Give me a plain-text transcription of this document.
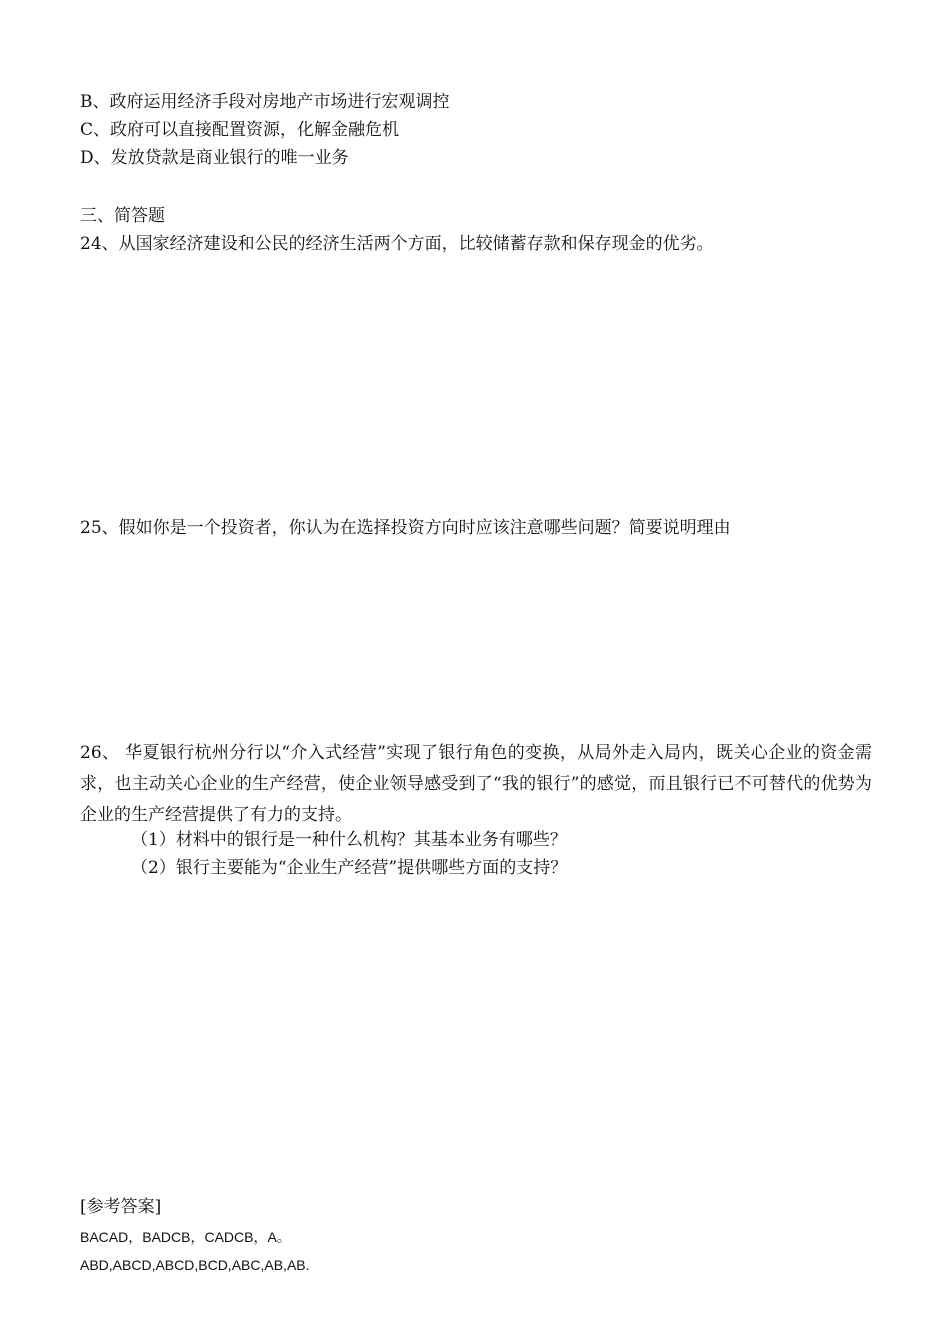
B、政府运用经济手段对房地产市场进行宏观调控
C、政府可以直接配置资源，化解金融危机
D、发放贷款是商业银行的唯一业务
三、简答题
24、从国家经济建设和公民的经济生活两个方面，比较储蓄存款和保存现金的优劣。
25、假如你是一个投资者，你认为在选择投资方向时应该注意哪些问题？简要说明理由
26、 华夏银行杭州分行以“介入式经营”实现了银行角色的变换，从局外走入局内，既关心企业的资金需求，也主动关心企业的生产经营，使企业领导感受到了“我的银行”的感觉，而且银行已不可替代的优势为企业的生产经营提供了有力的支持。
（1）材料中的银行是一种什么机构？其基本业务有哪些？
（2）银行主要能为“企业生产经营”提供哪些方面的支持？
[参考答案]
BACAD，BADCB，CADCB，A。
ABD,ABCD,ABCD,BCD,ABC,AB,AB.
